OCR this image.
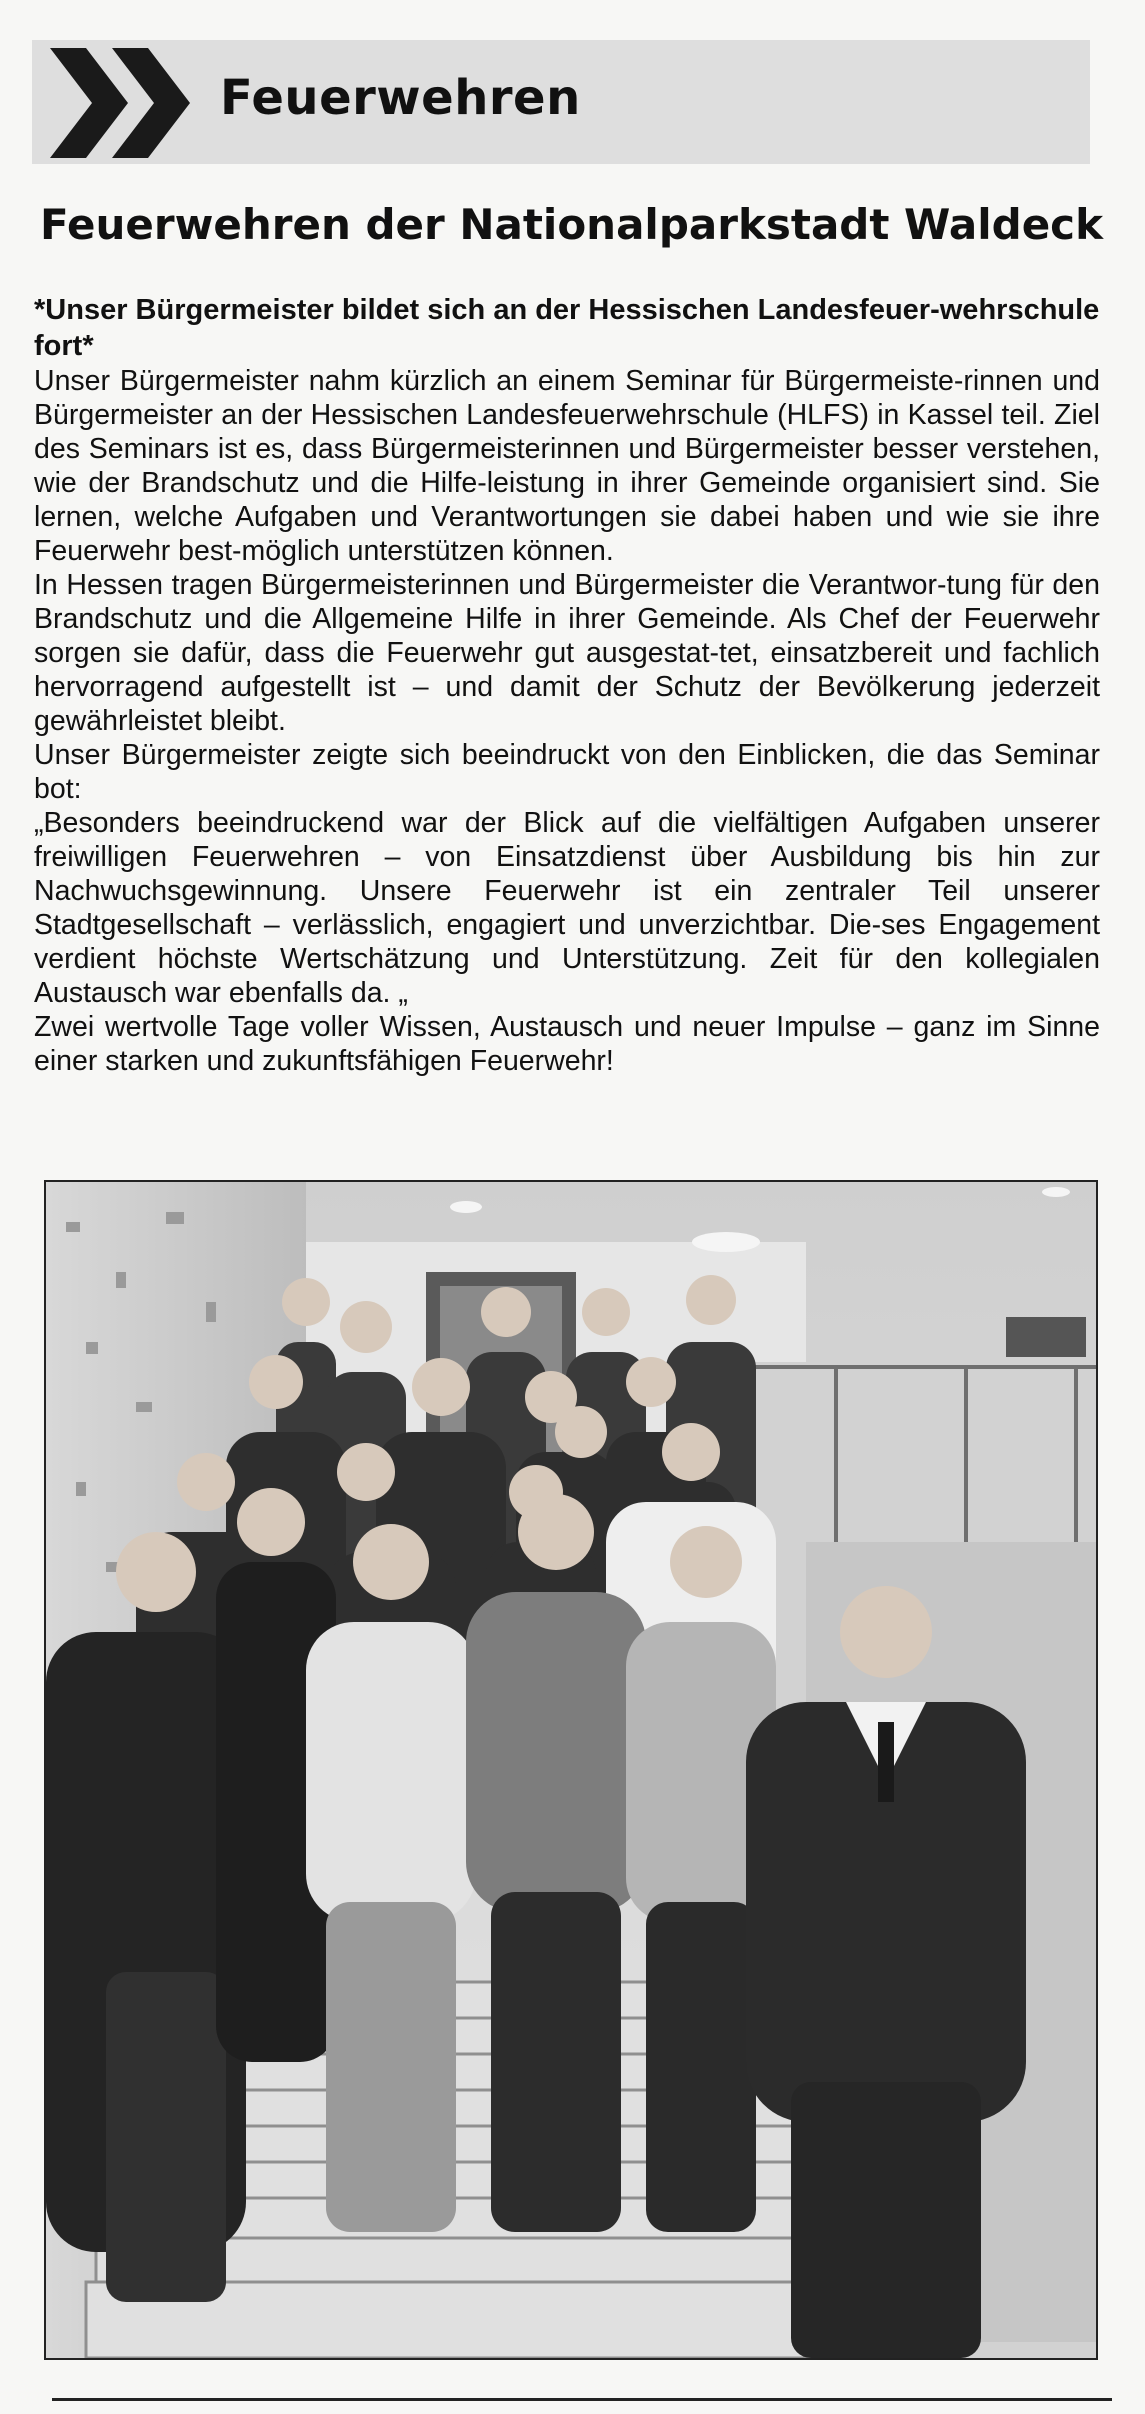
Feuerwehren
Feuerwehren der Nationalparkstadt Waldeck
*Unser Bürgermeister bildet sich an der Hessischen Landesfeuer-wehrschule fort*

Unser Bürgermeister nahm kürzlich an einem Seminar für Bürgermeiste-rinnen und Bürgermeister an der Hessischen Landesfeuerwehrschule (HLFS) in Kassel teil. Ziel des Seminars ist es, dass Bürgermeisterinnen und Bürgermeister besser verstehen, wie der Brandschutz und die Hilfe-leistung in ihrer Gemeinde organisiert sind. Sie lernen, welche Aufgaben und Verantwortungen sie dabei haben und wie sie ihre Feuerwehr best-möglich unterstützen können.

In Hessen tragen Bürgermeisterinnen und Bürgermeister die Verantwor-tung für den Brandschutz und die Allgemeine Hilfe in ihrer Gemeinde. Als Chef der Feuerwehr sorgen sie dafür, dass die Feuerwehr gut ausgestat-tet, einsatzbereit und fachlich hervorragend aufgestellt ist – und damit der Schutz der Bevölkerung jederzeit gewährleistet bleibt.

Unser Bürgermeister zeigte sich beeindruckt von den Einblicken, die das Seminar bot:

„Besonders beeindruckend war der Blick auf die vielfältigen Aufgaben unserer freiwilligen Feuerwehren – von Einsatzdienst über Ausbildung bis hin zur Nachwuchsgewinnung. Unsere Feuerwehr ist ein zentraler Teil unserer Stadtgesellschaft – verlässlich, engagiert und unverzichtbar. Die-ses Engagement verdient höchste Wertschätzung und Unterstützung. Zeit für den kollegialen Austausch war ebenfalls da. „

Zwei wertvolle Tage voller Wissen, Austausch und neuer Impulse – ganz im Sinne einer starken und zukunftsfähigen Feuerwehr!
